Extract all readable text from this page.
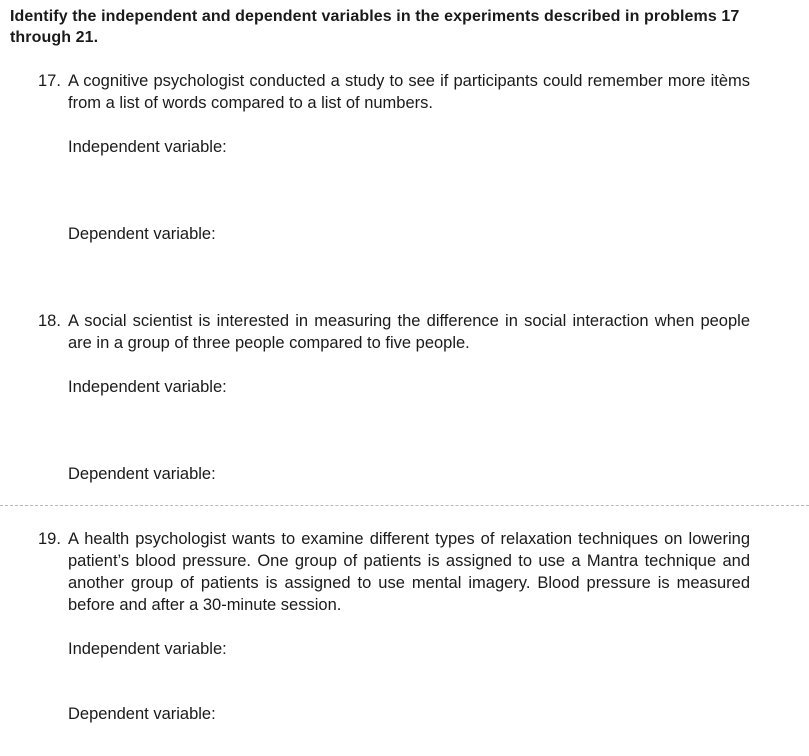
Identify the independent and dependent variables in the experiments described in problems 17 through 21.

17. A cognitive psychologist conducted a study to see if participants could remember more itèms from a list of words compared to a list of numbers.

Independent variable:

Dependent variable:

18. A social scientist is interested in measuring the difference in social interaction when people are in a group of three people compared to five people.

Independent variable:

Dependent variable:

19. A health psychologist wants to examine different types of relaxation techniques on lowering patient’s blood pressure. One group of patients is assigned to use a Mantra technique and another group of patients is assigned to use mental imagery. Blood pressure is measured before and after a 30-minute session.

Independent variable:

Dependent variable:
